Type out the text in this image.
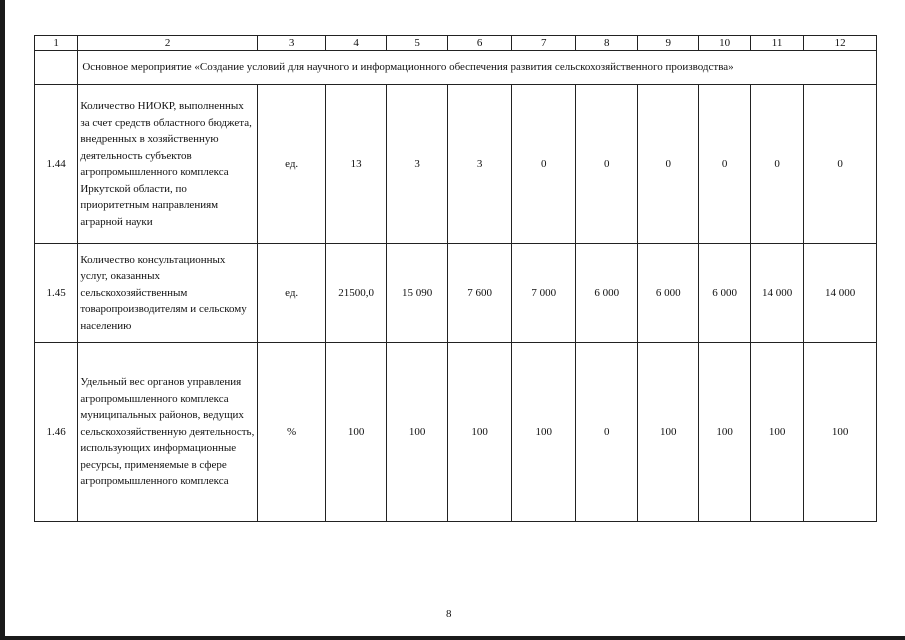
1	2	3	4	5	6	7	8	9	10	11	12
	Основное мероприятие «Создание условий для научного и информационного обеспечения развития сельскохозяйственного производства»										
1.44	Количество НИОКР, выполненных за счет средств областного бюджета, внедренных в хозяйственную деятельность субъектов агропромышленного комплекса Иркутской области, по приоритетным направлениям аграрной науки	ед.	13	3	3	0	0	0	0	0	0
1.45	Количество консультационных услуг, оказанных сельскохозяйственным товаропроизводителям и сельскому населению	ед.	21500,0	15 090	7 600	7 000	6 000	6 000	6 000	14 000	14 000
1.46	Удельный вес органов управления агропромышленного комплекса муниципальных районов, ведущих сельскохозяйственную деятельность, использующих информационные ресурсы, применяемые в сфере агропромышленного комплекса	%	100	100	100	100	0	100	100	100	100
8
